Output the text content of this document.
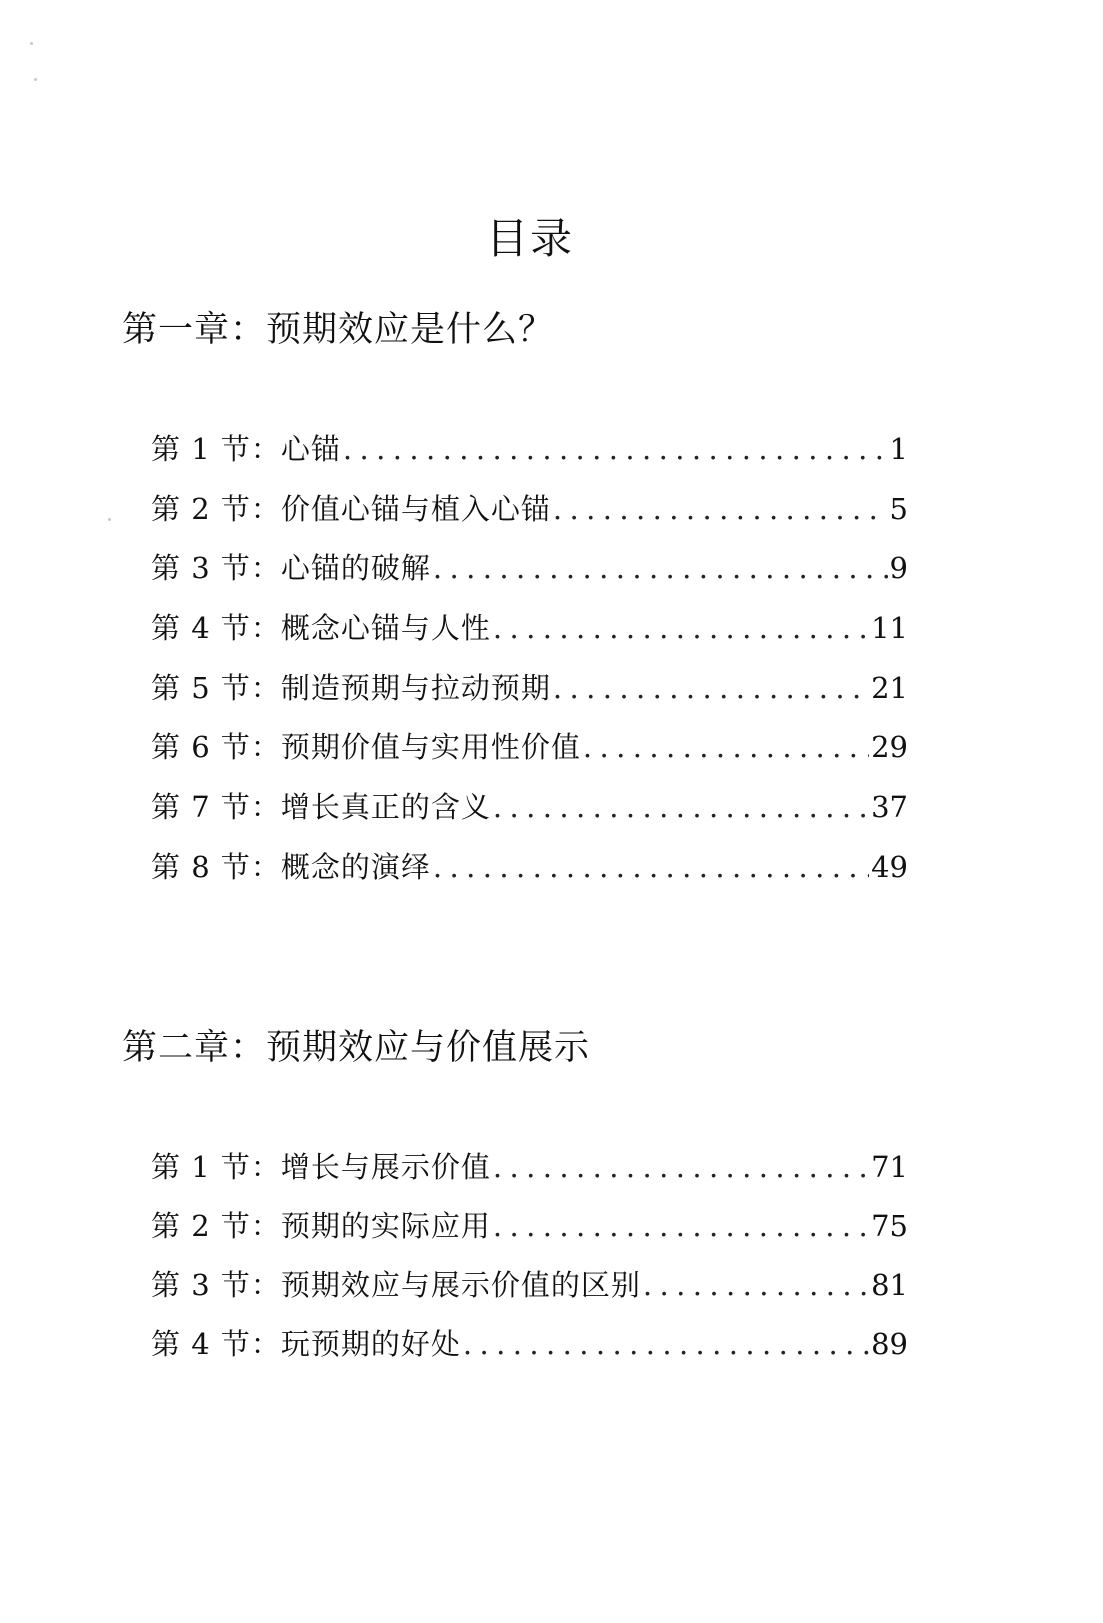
目录
第一章：预期效应是什么？
第 1 节： 心锚 .....	1
第 2 节： 价值心锚与植入心锚 .....	5
第 3 节： 心锚的破解 .....	9
第 4 节： 概念心锚与人性 .....	11
第 5 节： 制造预期与拉动预期 .....	21
第 6 节： 预期价值与实用性价值 .....	29
第 7 节： 增长真正的含义 .....	37
第 8 节： 概念的演绎 .....	49
第二章：预期效应与价值展示
第 1 节： 增长与展示价值 .....	71
第 2 节： 预期的实际应用 .....	75
第 3 节： 预期效应与展示价值的区别 .....	81
第 4 节： 玩预期的好处 .....	89
